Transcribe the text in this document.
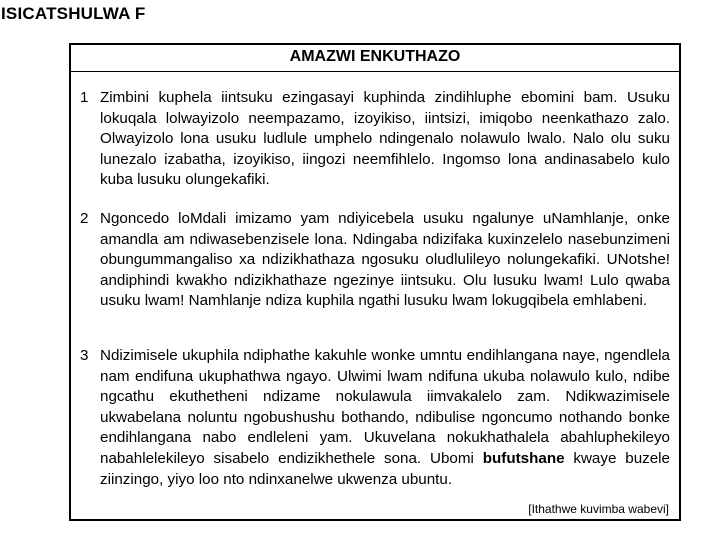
ISICATSHULWA F
AMAZWI ENKUTHAZO
1 Zimbini kuphela iintsuku ezingasayi kuphinda zindihluphe ebomini bam. Usuku lokuqala lolwayizolo neempazamo, izoyikiso, iintsizi, imiqobo neenkathazo zalo. Olwayizolo lona usuku ludlule umphelo ndingenalo nolawulo lwalo. Nalo olu suku lunezalo izabatha, izoyikiso, iingozi neemfihlelo. Ingomso lona andinasabelo kulo kuba lusuku olungekafiki.
2 Ngoncedo loMdali imizamo yam ndiyicebela usuku ngalunye uNamhlanje, onke amandla am ndiwasebenzisele lona. Ndingaba ndizifaka kuxinzelelo nasebunzimeni obungummangaliso xa ndizikhathaza ngosuku oludlulileyo nolungekafiki. UNotshe! andiphindi kwakho ndizikhathaze ngezinye iintsuku. Olu lusuku lwam! Lulo qwaba usuku lwam! Namhlanje ndiza kuphila ngathi lusuku lwam lokugqibela emhlabeni.
3 Ndizimisele ukuphila ndiphathe kakuhle wonke umntu endihlangana naye, ngendlela nam endifuna ukuphathwa ngayo. Ulwimi lwam ndifuna ukuba nolawulo kulo, ndibe ngcathu ekuthetheni ndizame nokulawula iimvakalelo zam. Ndikwazimisele ukwabelana noluntu ngobushushu bothando, ndibulise ngoncumo nothando bonke endihlangana nabo endleleni yam. Ukuvelana nokukhathalela abahluphekileyo nabahlelekileyo sisabelo endizikhethele sona. Ubomi bufutshane kwaye buzele ziinzingo, yiyo loo nto ndinxanelwe ukwenza ubuntu.
[Ithathwe kuvimba wabevi]
